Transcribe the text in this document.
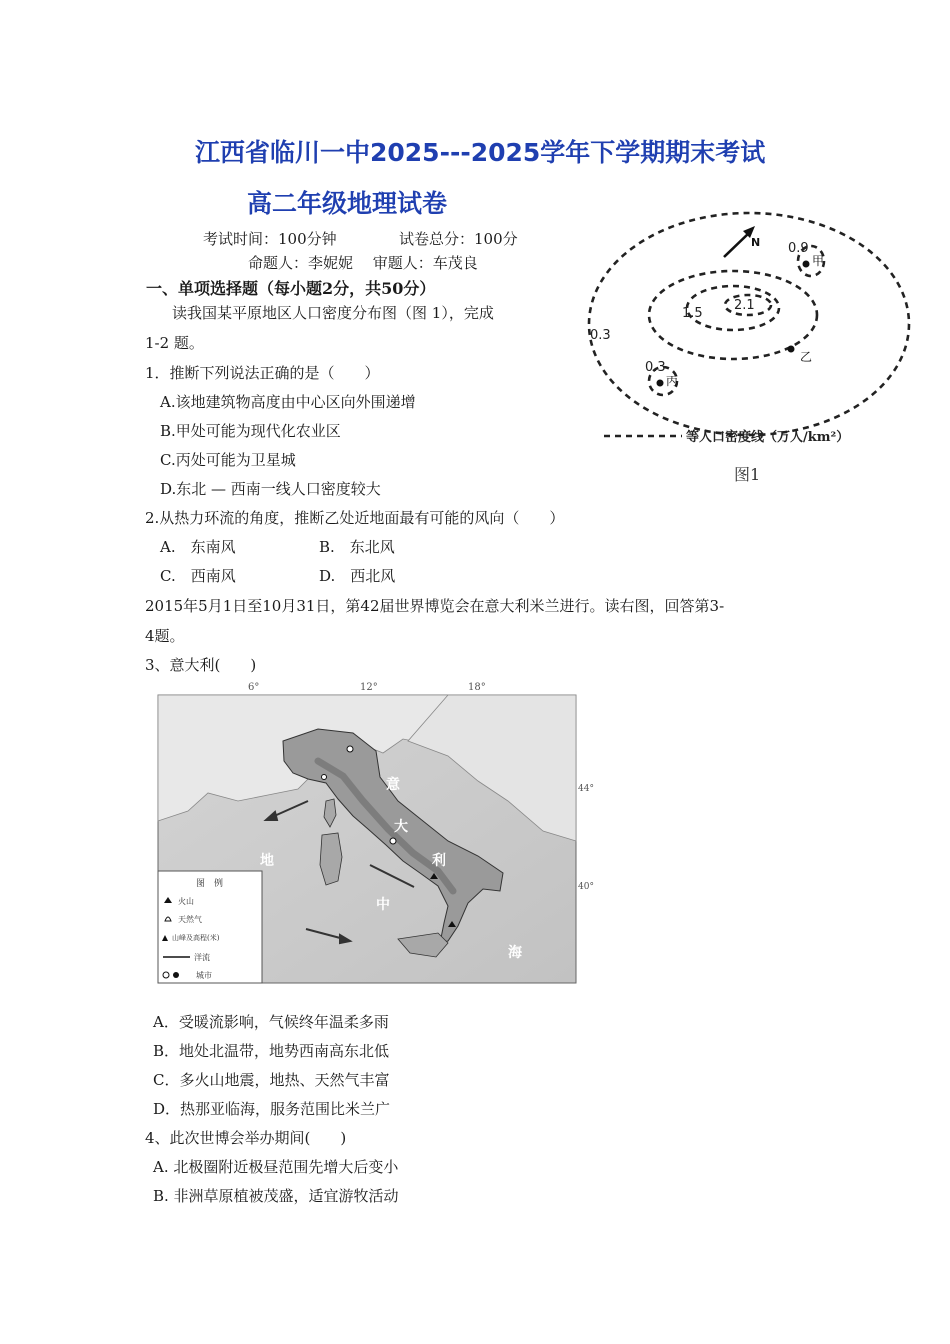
江西省临川一中2025---2025学年下学期期末考试
高二年级地理试卷
考试时间：100分钟	试卷总分：100分
命题人：李妮妮　 审题人：车茂良
一、单项选择题（每小题2分，共50分）
读我国某平原地区人口密度分布图（图 1），完成
1-2 题。
1．推断下列说法正确的是（　　）
A.该地建筑物高度由中心区向外围递增
B.甲处可能为现代化农业区
C.丙处可能为卫星城
D.东北 — 西南一线人口密度较大
2.从热力环流的角度，推断乙处近地面最有可能的风向（　　）
A.　东南风	B.　东北风
C.　西南风	D.　西北风
2015年5月1日至10月31日，第42届世界博览会在意大利米兰进行。读右图，回答第3-
4题。
3、意大利(　　)
A．受暖流影响，气候终年温柔多雨
B．地处北温带，地势西南高东北低
C．多火山地震，地热、天然气丰富
D．热那亚临海，服务范围比米兰广
4、此次世博会举办期间(　　)
A. 北极圈附近极昼范围先增大后变小
B. 非洲草原植被茂盛，适宜游牧活动
N
甲
乙
丙
0.9
2.1
1.5
0.3
0.3
等人口密度线（万人/km²）
图1
6°	12°	18°
44°
40°
意
大
利
地
中
海
图　例
火山
天然气
山峰及高程(米)
洋流
城市
